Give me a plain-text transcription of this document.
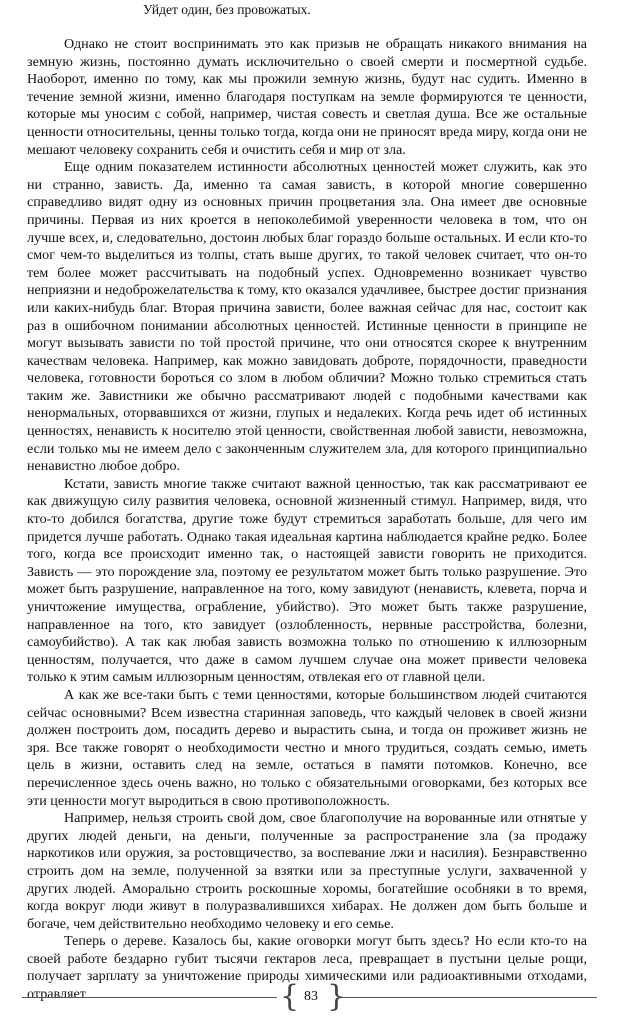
Уйдет один, без провожатых.

Однако не стоит воспринимать это как призыв не обращать никакого внимания на земную жизнь, постоянно думать исключительно о своей смерти и посмертной судьбе. Наоборот, именно по тому, как мы прожили земную жизнь, будут нас судить. Именно в течение земной жизни, именно благодаря поступкам на земле формируются те ценности, которые мы уносим с собой, например, чистая совесть и светлая душа. Все же остальные ценности относительны, ценны только тогда, когда они не приносят вреда миру, когда они не мешают человеку сохранить себя и очистить себя и мир от зла.

Еще одним показателем истинности абсолютных ценностей может служить, как это ни странно, зависть. Да, именно та самая зависть, в которой многие совершенно справедливо видят одну из основных причин процветания зла. Она имеет две основные причины. Первая из них кроется в непоколебимой уверенности человека в том, что он лучше всех, и, следовательно, достоин любых благ гораздо больше остальных. И если кто-то смог чем-то выделиться из толпы, стать выше других, то такой человек считает, что он-то тем более может рассчитывать на подобный успех. Одновременно возникает чувство неприязни и недоброжелательства к тому, кто оказался удачливее, быстрее достиг признания или каких-нибудь благ. Вторая причина зависти, более важная сейчас для нас, состоит как раз в ошибочном понимании абсолютных ценностей. Истинные ценности в принципе не могут вызывать зависти по той простой причине, что они относятся скорее к внутренним качествам человека. Например, как можно завидовать доброте, порядочности, праведности человека, готовности бороться со злом в любом обличии? Можно только стремиться стать таким же. Завистники же обычно рассматривают людей с подобными качествами как ненормальных, оторвавшихся от жизни, глупых и недалеких. Когда речь идет об истинных ценностях, ненависть к носителю этой ценности, свойственная любой зависти, невозможна, если только мы не имеем дело с законченным служителем зла, для которого принципиально ненавистно любое добро.

Кстати, зависть многие также считают важной ценностью, так как рассматривают ее как движущую силу развития человека, основной жизненный стимул. Например, видя, что кто-то добился богатства, другие тоже будут стремиться заработать больше, для чего им придется лучше работать. Однако такая идеальная картина наблюдается крайне редко. Более того, когда все происходит именно так, о настоящей зависти говорить не приходится. Зависть — это порождение зла, поэтому ее результатом может быть только разрушение. Это может быть разрушение, направленное на того, кому завидуют (ненависть, клевета, порча и уничтожение имущества, ограбление, убийство). Это может быть также разрушение, направленное на того, кто завидует (озлобленность, нервные расстройства, болезни, самоубийство). А так как любая зависть возможна только по отношению к иллюзорным ценностям, получается, что даже в самом лучшем случае она может привести человека только к этим самым иллюзорным ценностям, отвлекая его от главной цели.

А как же все-таки быть с теми ценностями, которые большинством людей считаются сейчас основными? Всем известна старинная заповедь, что каждый человек в своей жизни должен построить дом, посадить дерево и вырастить сына, и тогда он проживет жизнь не зря. Все также говорят о необходимости честно и много трудиться, создать семью, иметь цель в жизни, оставить след на земле, остаться в памяти потомков. Конечно, все перечисленное здесь очень важно, но только с обязательными оговорками, без которых все эти ценности могут выродиться в свою противоположность.

Например, нельзя строить свой дом, свое благополучие на ворованные или отнятые у других людей деньги, на деньги, полученные за распространение зла (за продажу наркотиков или оружия, за ростовщичество, за воспевание лжи и насилия). Безнравственно строить дом на земле, полученной за взятки или за преступные услуги, захваченной у других людей. Аморально строить роскошные хоромы, богатейшие особняки в то время, когда вокруг люди живут в полуразвалившихся хибарах. Не должен дом быть больше и богаче, чем действительно необходимо человеку и его семье.

Теперь о дереве. Казалось бы, какие оговорки могут быть здесь? Но если кто-то на своей работе бездарно губит тысячи гектаров леса, превращает в пустыни целые рощи, получает зарплату за уничтожение природы химическими или радиоактивными отходами, отравляет	{ 83 }
